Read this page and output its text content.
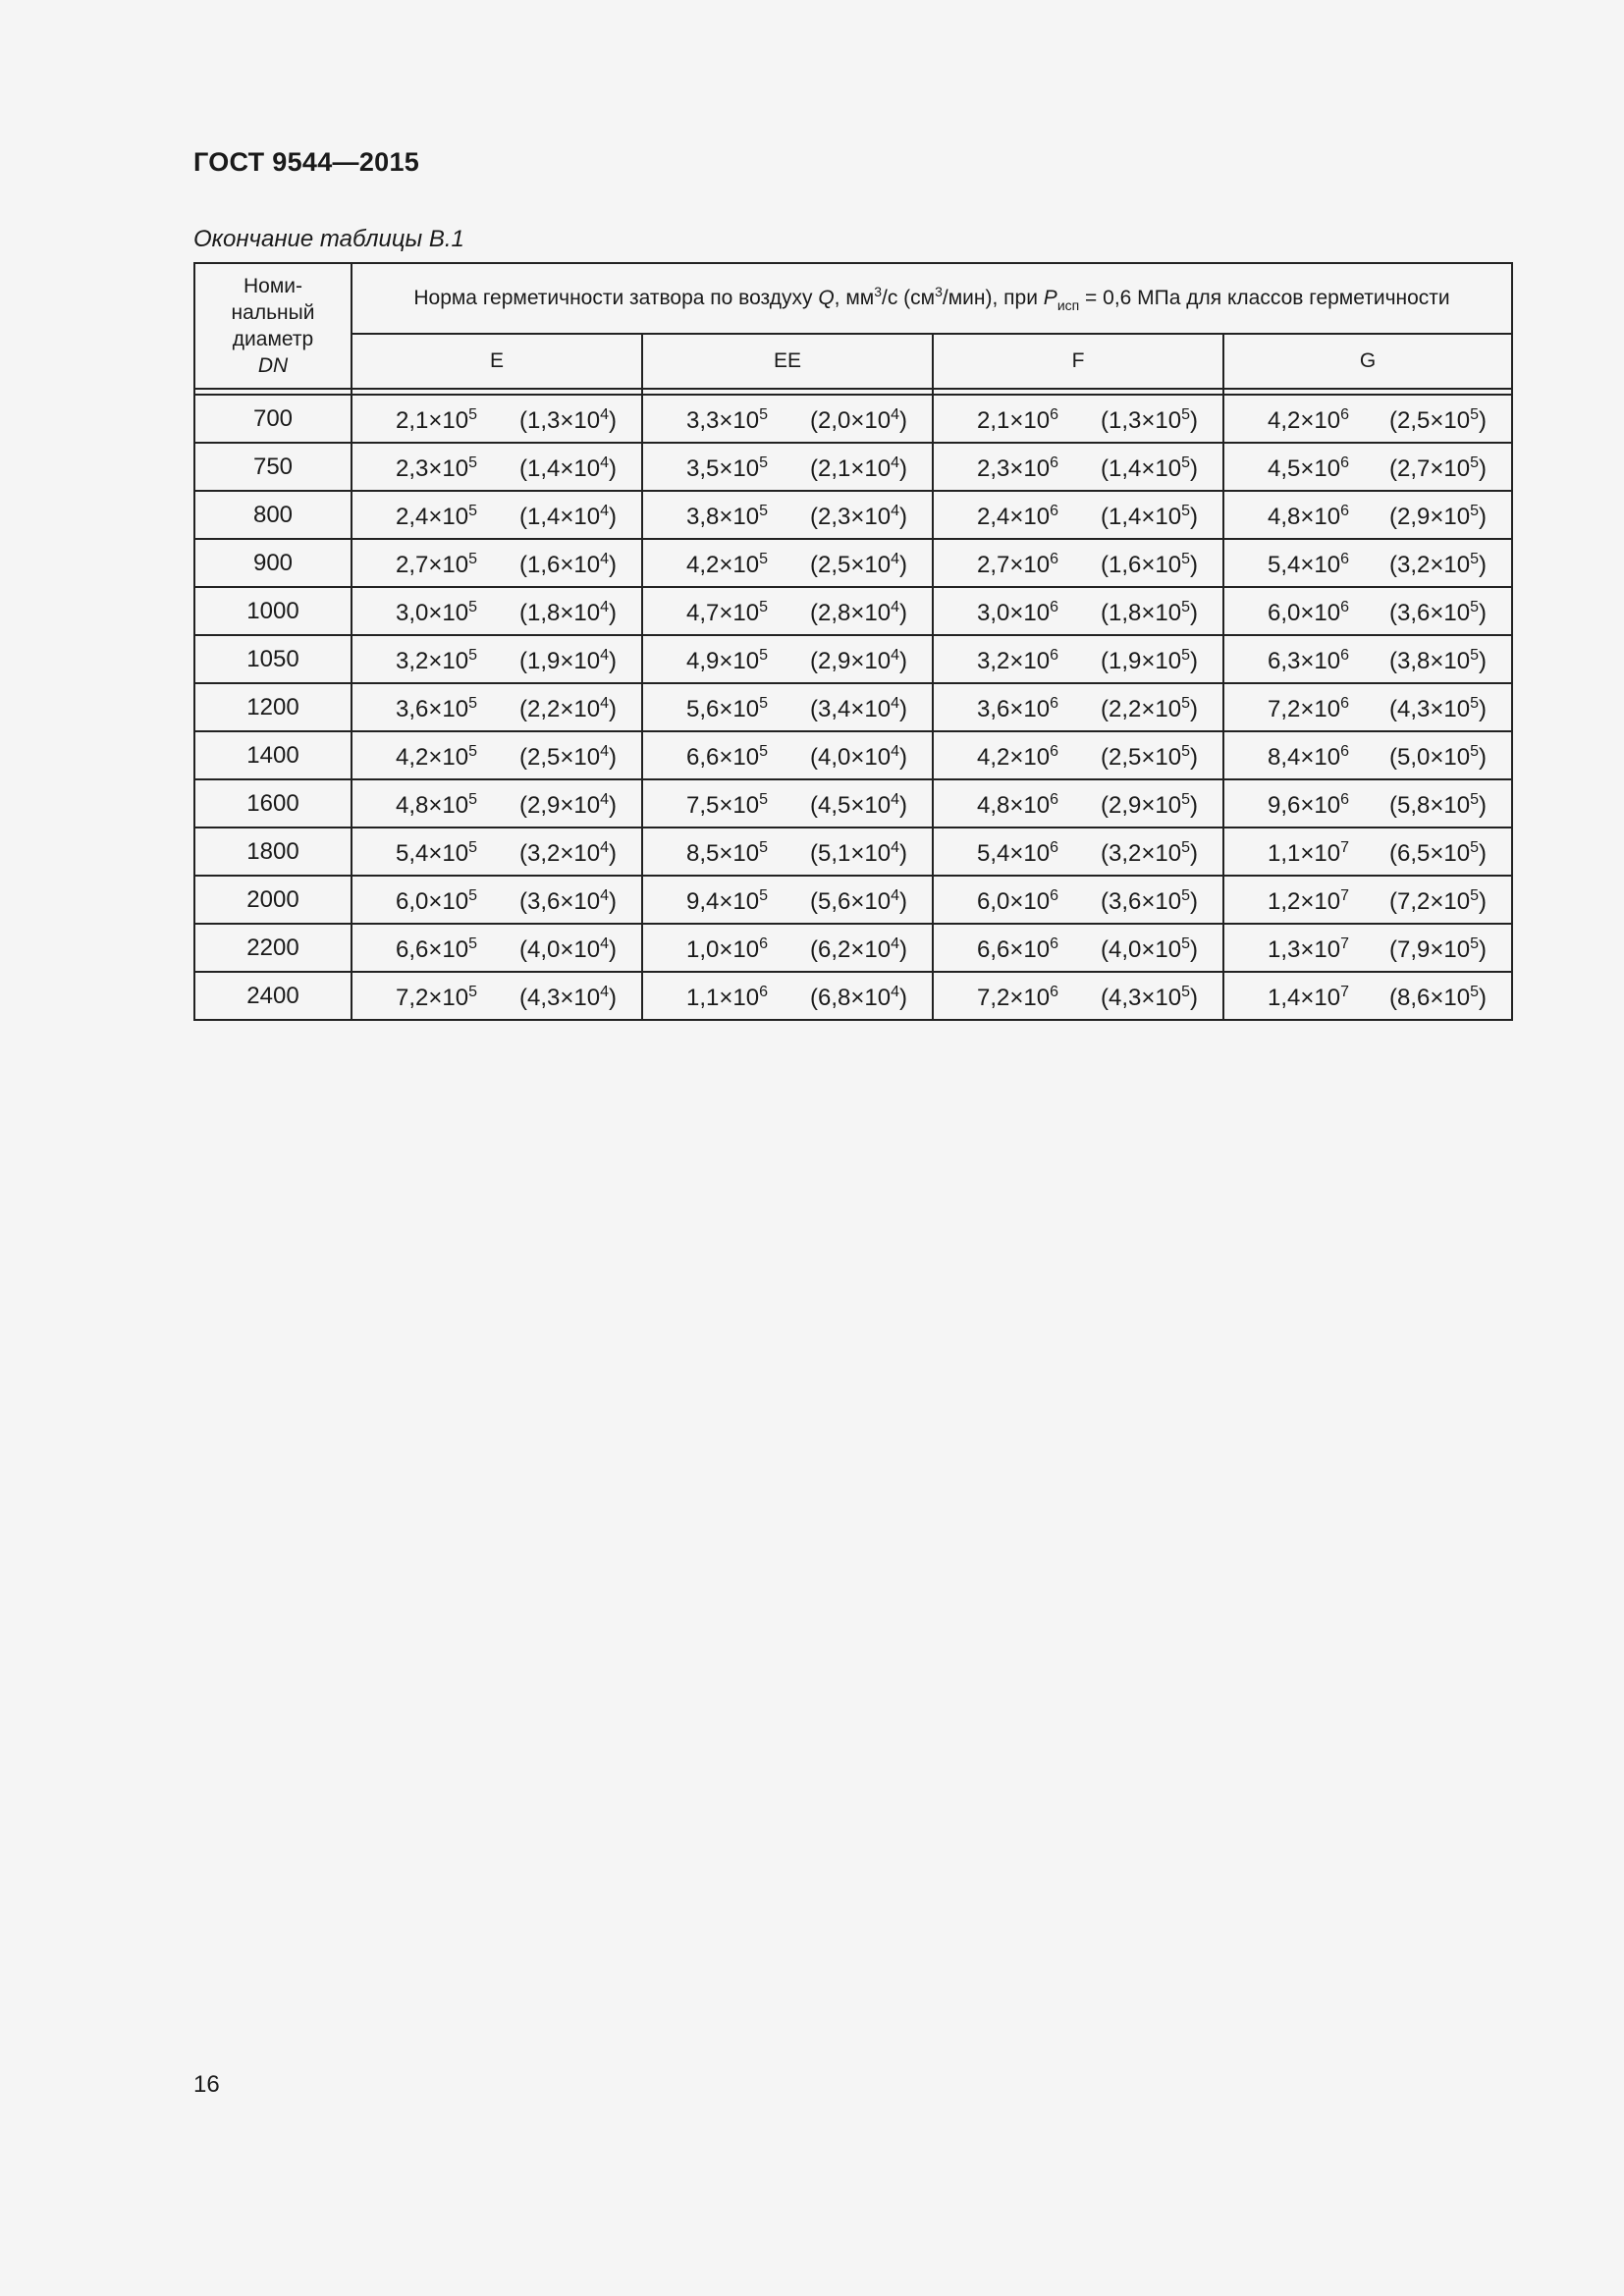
ГОСТ 9544—2015
Окончание таблицы В.1
Номи-
нальный
диаметр
DN	Норма герметичности затвора по воздуху Q, $мм^3/с$ $(см^3/мин)$, при $P_{исп} = 0,6$ МПа для классов герметичности			
	E	EE	F	G

700	$2,1\times 10^5$ $(1,3\times 10^4)$	$3,3\times 10^5$ $(2,0\times 10^4)$	$2,1\times 10^6$ $(1,3\times 10^5)$	$4,2\times 10^6$ $(2,5\times 10^5)$

750	$2,3\times 10^5$ $(1,4\times 10^4)$	$3,5\times 10^5$ $(2,1\times 10^4)$	$2,3\times 10^6$ $(1,4\times 10^5)$	$4,5\times 10^6$ $(2,7\times 10^5)$

800	$2,4\times 10^5$ $(1,4\times 10^4)$	$3,8\times 10^5$ $(2,3\times 10^4)$	$2,4\times 10^6$ $(1,4\times 10^5)$	$4,8\times 10^6$ $(2,9\times 10^5)$

900	$2,7\times 10^5$ $(1,6\times 10^4)$	$4,2\times 10^5$ $(2,5\times 10^4)$	$2,7\times 10^6$ $(1,6\times 10^5)$	$5,4\times 10^6$ $(3,2\times 10^5)$

1000	$3,0\times 10^5$ $(1,8\times 10^4)$	$4,7\times 10^5$ $(2,8\times 10^4)$	$3,0\times 10^6$ $(1,8\times 10^5)$	$6,0\times 10^6$ $(3,6\times 10^5)$

1050	$3,2\times 10^5$ $(1,9\times 10^4)$	$4,9\times 10^5$ $(2,9\times 10^4)$	$3,2\times 10^6$ $(1,9\times 10^5)$	$6,3\times 10^6$ $(3,8\times 10^5)$

1200	$3,6\times 10^5$ $(2,2\times 10^4)$	$5,6\times 10^5$ $(3,4\times 10^4)$	$3,6\times 10^6$ $(2,2\times 10^5)$	$7,2\times 10^6$ $(4,3\times 10^5)$

1400	$4,2\times 10^5$ $(2,5\times 10^4)$	$6,6\times 10^5$ $(4,0\times 10^4)$	$4,2\times 10^6$ $(2,5\times 10^5)$	$8,4\times 10^6$ $(5,0\times 10^5)$

1600	$4,8\times 10^5$ $(2,9\times 10^4)$	$7,5\times 10^5$ $(4,5\times 10^4)$	$4,8\times 10^6$ $(2,9\times 10^5)$	$9,6\times 10^6$ $(5,8\times 10^5)$

1800	$5,4\times 10^5$ $(3,2\times 10^4)$	$8,5\times 10^5$ $(5,1\times 10^4)$	$5,4\times 10^6$ $(3,2\times 10^5)$	$1,1\times 10^7$ $(6,5\times 10^5)$

2000	$6,0\times 10^5$ $(3,6\times 10^4)$	$9,4\times 10^5$ $(5,6\times 10^4)$	$6,0\times 10^6$ $(3,6\times 10^5)$	$1,2\times 10^7$ $(7,2\times 10^5)$

2200	$6,6\times 10^5$ $(4,0\times 10^4)$	$1,0\times 10^6$ $(6,2\times 10^4)$	$6,6\times 10^6$ $(4,0\times 10^5)$	$1,3\times 10^7$ $(7,9\times 10^5)$

2400	$7,2\times 10^5$ $(4,3\times 10^4)$	$1,1\times 10^6$ $(6,8\times 10^4)$	$7,2\times 10^6$ $(4,3\times 10^5)$	$1,4\times 10^7$ $(8,6\times 10^5)$
16
